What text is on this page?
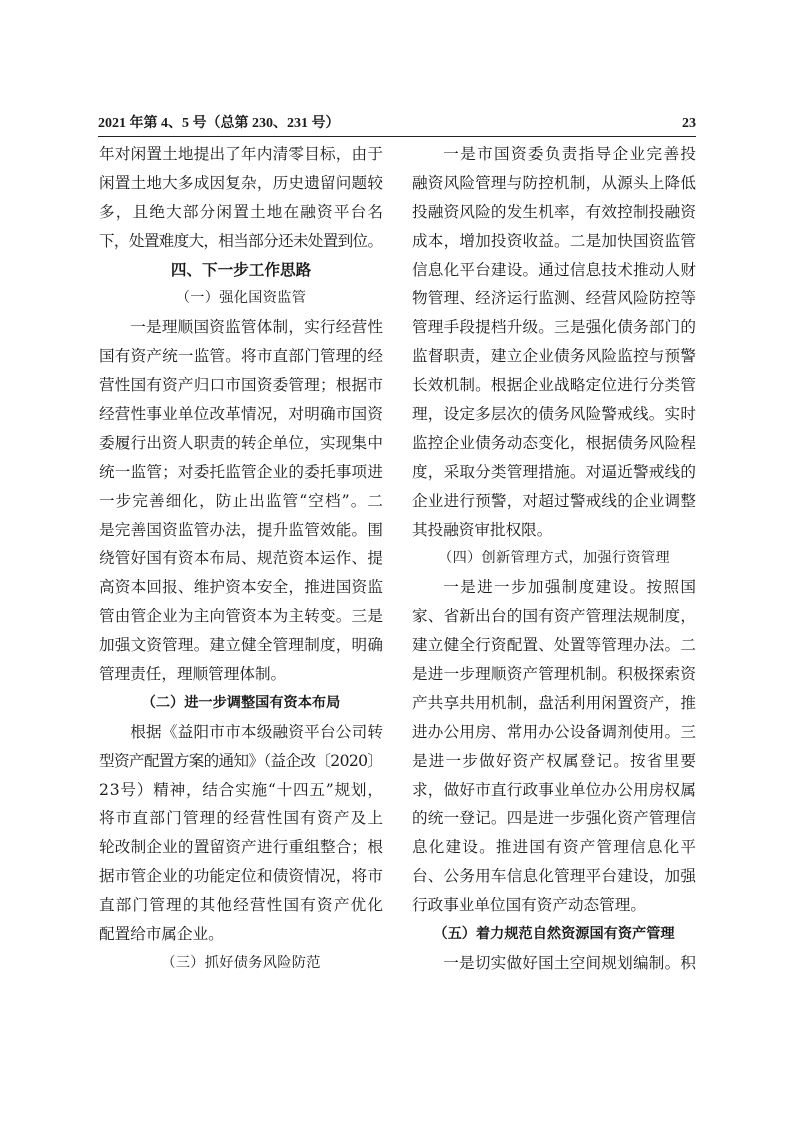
2021 年第 4、5 号（总第 230、231 号）	23
年对闲置土地提出了年内清零目标，由于
闲置土地大多成因复杂，历史遗留问题较
多，且绝大部分闲置土地在融资平台名
下，处置难度大，相当部分还未处置到位。
四、下一步工作思路
（一）强化国资监管
一是理顺国资监管体制，实行经营性
国有资产统一监管。将市直部门管理的经
营性国有资产归口市国资委管理；根据市
经营性事业单位改革情况，对明确市国资
委履行出资人职责的转企单位，实现集中
统一监管；对委托监管企业的委托事项进
一步完善细化，防止出监管“空档”。二
是完善国资监管办法，提升监管效能。围
绕管好国有资本布局、规范资本运作、提
高资本回报、维护资本安全，推进国资监
管由管企业为主向管资本为主转变。三是
加强文资管理。建立健全管理制度，明确
管理责任，理顺管理体制。
（二）进一步调整国有资本布局
根据《益阳市市本级融资平台公司转
型资产配置方案的通知》（益企改〔2020〕
23号）精神，结合实施“十四五”规划，
将市直部门管理的经营性国有资产及上
轮改制企业的置留资产进行重组整合；根
据市管企业的功能定位和债资情况，将市
直部门管理的其他经营性国有资产优化
配置给市属企业。
（三）抓好债务风险防范
一是市国资委负责指导企业完善投
融资风险管理与防控机制，从源头上降低
投融资风险的发生机率，有效控制投融资
成本，增加投资收益。二是加快国资监管
信息化平台建设。通过信息技术推动人财
物管理、经济运行监测、经营风险防控等
管理手段提档升级。三是强化债务部门的
监督职责，建立企业债务风险监控与预警
长效机制。根据企业战略定位进行分类管
理，设定多层次的债务风险警戒线。实时
监控企业债务动态变化，根据债务风险程
度，采取分类管理措施。对逼近警戒线的
企业进行预警，对超过警戒线的企业调整
其投融资审批权限。
（四）创新管理方式，加强行资管理
一是进一步加强制度建设。按照国
家、省新出台的国有资产管理法规制度，
建立健全行资配置、处置等管理办法。二
是进一步理顺资产管理机制。积极探索资
产共享共用机制，盘活利用闲置资产，推
进办公用房、常用办公设备调剂使用。三
是进一步做好资产权属登记。按省里要
求，做好市直行政事业单位办公用房权属
的统一登记。四是进一步强化资产管理信
息化建设。推进国有资产管理信息化平
台、公务用车信息化管理平台建设，加强
行政事业单位国有资产动态管理。
（五）着力规范自然资源国有资产管理
一是切实做好国土空间规划编制。积
